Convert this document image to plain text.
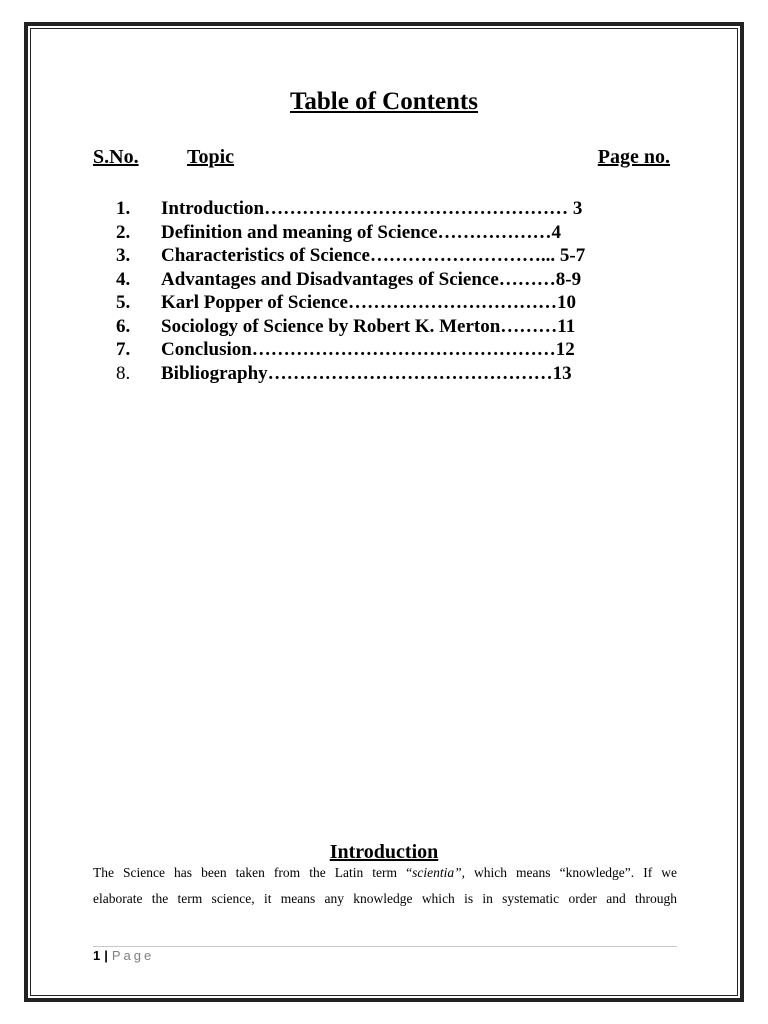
Table of Contents
S.No. Topic	Page no.
1. Introduction………………………………………… 3
2. Definition and meaning of Science………………4
3. Characteristics of Science………………………... 5-7
4. Advantages and Disadvantages of Science………8-9
5. Karl Popper of Science……………………………10
6. Sociology of Science by Robert K. Merton………11
7. Conclusion…………………………………………12
8. Bibliography………………………………………13
Introduction

The Science has been taken from the Latin term “scientia”, which means “knowledge”. If we
elaborate the term science, it means any knowledge which is in systematic order and through

1 | Page
